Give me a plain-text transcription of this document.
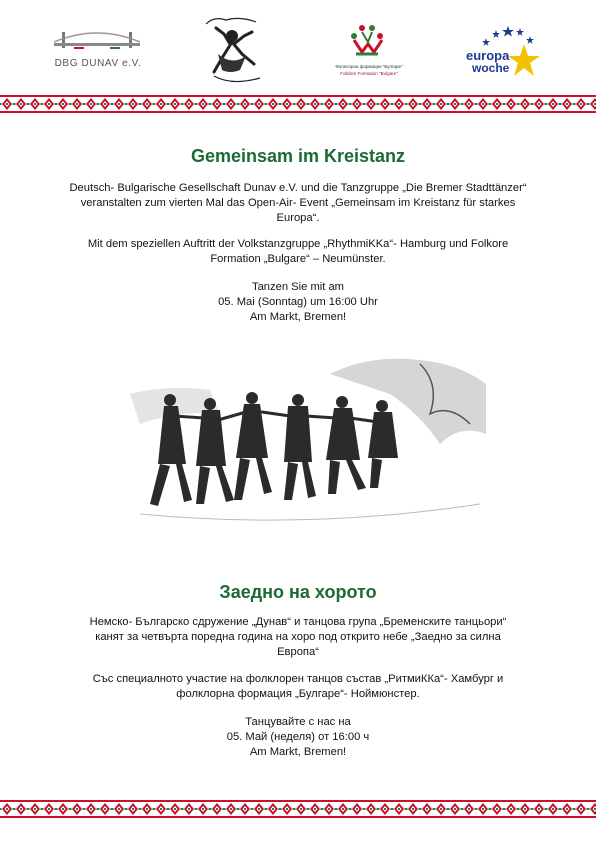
DBG DUNAV e.V.	Фолклорна формация "Булгаре"
Folklore Formation "Bulgare"
europa
woche
Gemeinsam im Kreistanz
Deutsch- Bulgarische Gesellschaft Dunav e.V. und die Tanzgruppe „Die Bremer Stadttänzer“
veranstalten zum vierten Mal das Open-Air- Event „Gemeinsam im Kreistanz für starkes
Europa“.
Mit dem speziellen Auftritt der Volkstanzgruppe „RhythmiKKa“- Hamburg und Folkore
Formation „Bulgare“ – Neumünster.
Tanzen Sie mit am
05. Mai (Sonntag) um 16:00 Uhr
Am Markt, Bremen!
Заедно на хорото
Немско- Българско сдружение „Дунав“ и танцова група „Бременските танцьори“
канят за четвърта поредна година на хоро под открито небе „Заедно за силна
Европа“
Със специалното участие на фолклорен танцов състав „РитмиККа“- Хамбург и
фолклорна формация „Булгаре“- Ноймюнстер.
Танцувайте с нас на
05. Май (неделя) от 16:00 ч
Am Markt, Bremen!
